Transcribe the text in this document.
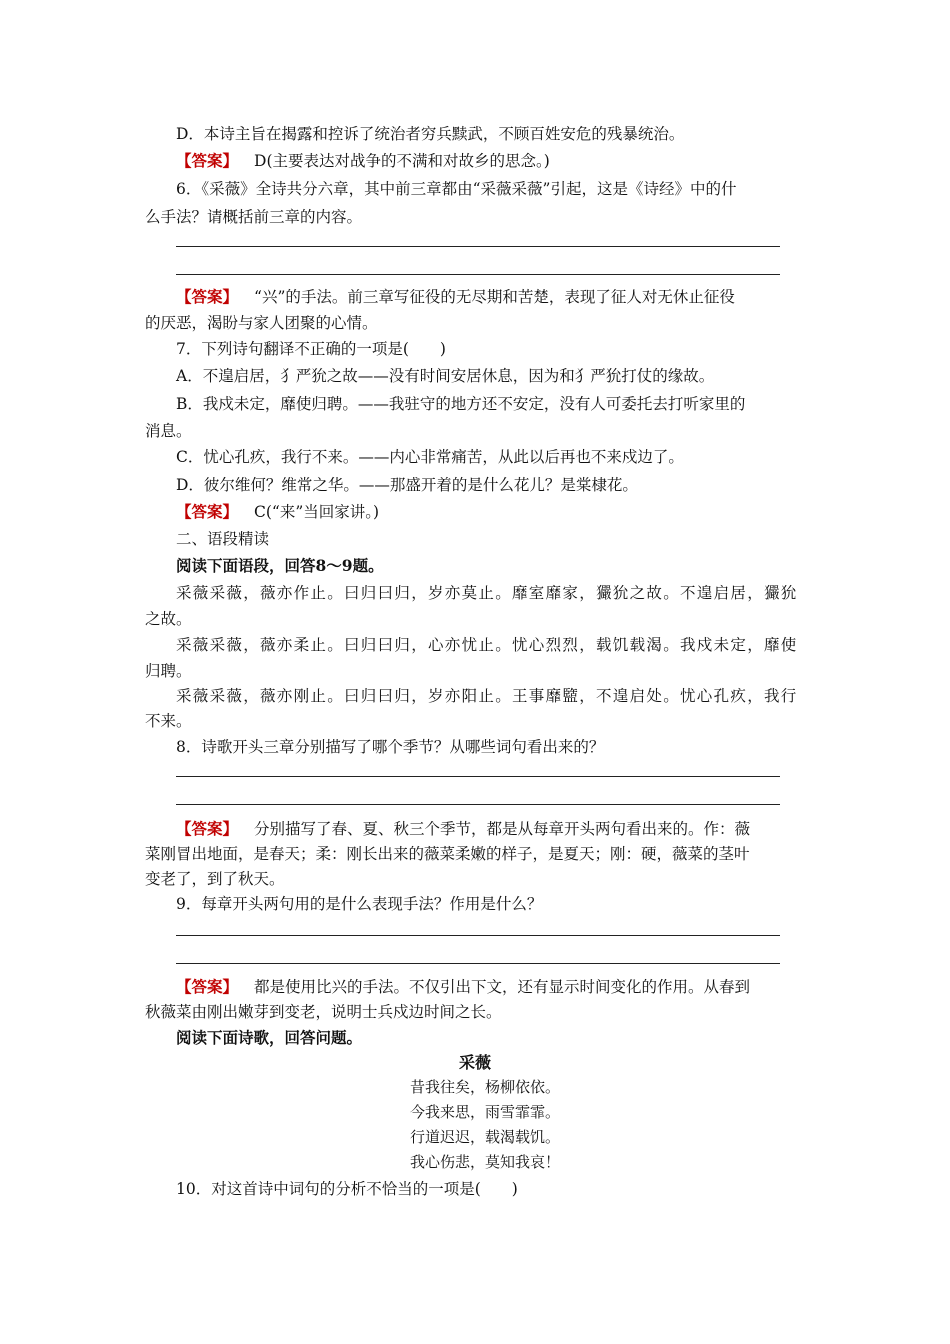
D．本诗主旨在揭露和控诉了统治者穷兵黩武，不顾百姓安危的残暴统治。
【答案】 D(主要表达对战争的不满和对故乡的思念。)
6．《采薇》全诗共分六章，其中前三章都由“采薇采薇”引起，这是《诗经》中的什
么手法？请概括前三章的内容。
【答案】 “兴”的手法。前三章写征役的无尽期和苦楚，表现了征人对无休止征役
的厌恶，渴盼与家人团聚的心情。
7．下列诗句翻译不正确的一项是(　　)
A．不遑启居，犭严狁之故——没有时间安居休息，因为和犭严狁打仗的缘故。
B．我戍未定，靡使归聘。——我驻守的地方还不安定，没有人可委托去打听家里的
消息。
C．忧心孔疚，我行不来。——内心非常痛苦，从此以后再也不来戍边了。
D．彼尔维何？维常之华。——那盛开着的是什么花儿？是棠棣花。
【答案】 C(“来”当回家讲。)
二、语段精读
阅读下面语段，回答8～9题。
采薇采薇，薇亦作止。曰归曰归，岁亦莫止。靡室靡家，玁狁之故。不遑启居，玁狁
之故。
采薇采薇，薇亦柔止。曰归曰归，心亦忧止。忧心烈烈，载饥载渴。我戍未定，靡使
归聘。
采薇采薇，薇亦刚止。曰归曰归，岁亦阳止。王事靡盬，不遑启处。忧心孔疚，我行
不来。
8．诗歌开头三章分别描写了哪个季节？从哪些词句看出来的？
【答案】 分别描写了春、夏、秋三个季节，都是从每章开头两句看出来的。作：薇
菜刚冒出地面，是春天；柔：刚长出来的薇菜柔嫩的样子，是夏天；刚：硬，薇菜的茎叶
变老了，到了秋天。
9．每章开头两句用的是什么表现手法？作用是什么？
【答案】 都是使用比兴的手法。不仅引出下文，还有显示时间变化的作用。从春到
秋薇菜由刚出嫩芽到变老，说明士兵戍边时间之长。
阅读下面诗歌，回答问题。
采薇
昔我往矣，杨柳依依。
今我来思，雨雪霏霏。
行道迟迟，载渴载饥。
我心伤悲，莫知我哀！
10．对这首诗中词句的分析不恰当的一项是(　　)
